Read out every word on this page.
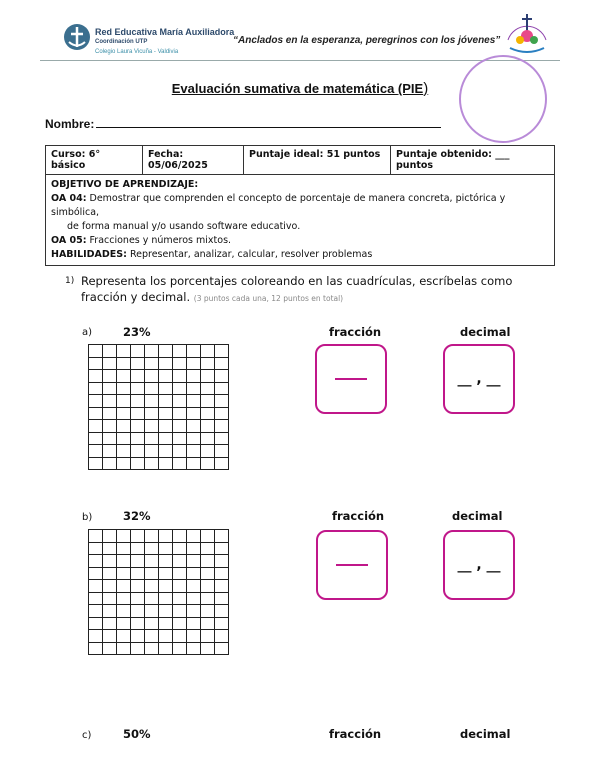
Red Educativa María Auxiliadora
Coordinación UTP
Colegio Laura Vicuña - Valdivia
“Anclados en la esperanza, peregrinos con los jóvenes”
Evaluación sumativa de matemática (PIE)
Nombre:
Curso: 6° básico	Fecha: 05/06/2025	Puntaje ideal: 51 puntos	Puntaje obtenido: ___ puntos

OBJETIVO DE APRENDIZAJE:

OA 04: Demostrar que comprenden el concepto de porcentaje de manera concreta, pictórica y simbólica,

de forma manual y/o usando software educativo.

OA 05: Fracciones y números mixtos.

HABILIDADES: Representar, analizar, calcular, resolver problemas

1) Representa los porcentajes coloreando en las cuadrículas, escríbelas como fracción y decimal. (3 puntos cada una, 12 puntos en total)
a)	23%	fracción	decimal
__ , __
b)	32%	fracción	decimal
__ , __
c)	50%	fracción	decimal
